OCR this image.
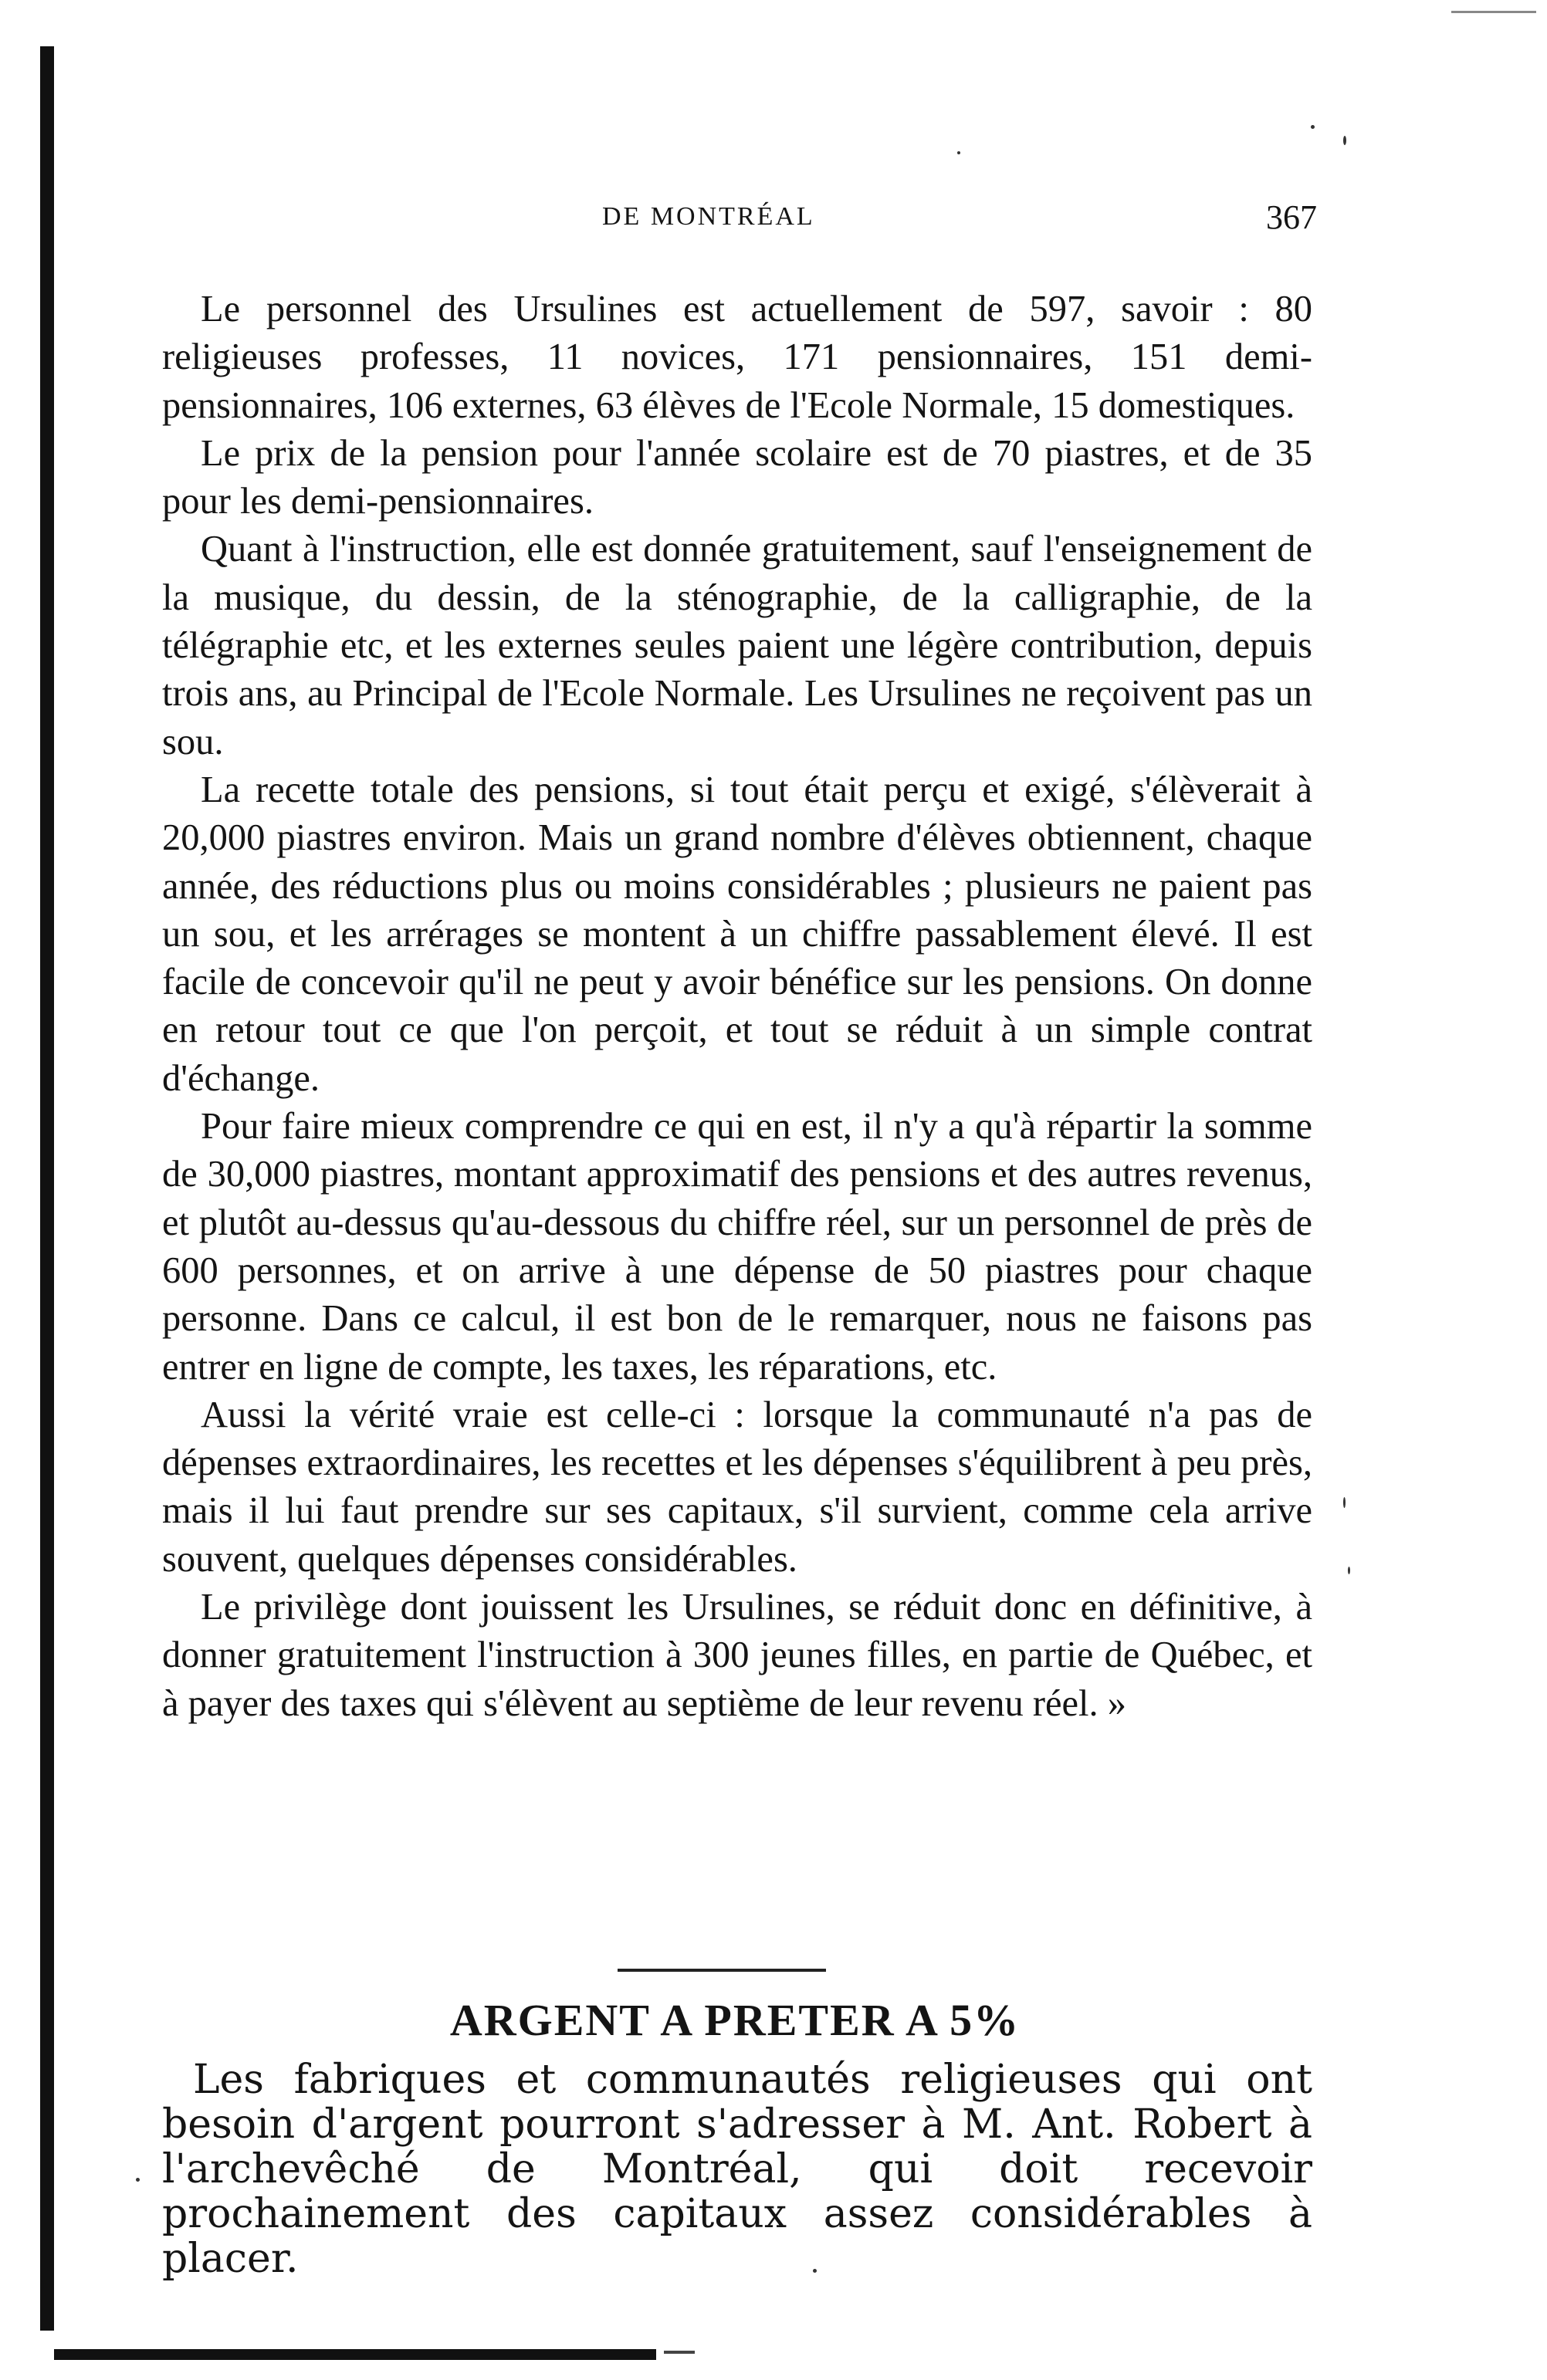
DE MONTRÉAL	367

Le personnel des Ursulines est actuellement de 597, savoir : 80 religieuses professes, 11 novices, 171 pensionnaires, 151 demi-pensionnaires, 106 externes, 63 élèves de l'Ecole Normale, 15 domestiques.

Le prix de la pension pour l'année scolaire est de 70 piastres, et de 35 pour les demi-pensionnaires.

Quant à l'instruction, elle est donnée gratuitement, sauf l'enseignement de la musique, du dessin, de la sténographie, de la calligraphie, de la télégraphie etc, et les externes seules paient une légère contribution, depuis trois ans, au Principal de l'Ecole Normale. Les Ursulines ne reçoivent pas un sou.

La recette totale des pensions, si tout était perçu et exigé, s'élèverait à 20,000 piastres environ. Mais un grand nombre d'élèves obtiennent, chaque année, des réductions plus ou moins considérables ; plusieurs ne paient pas un sou, et les arrérages se montent à un chiffre passablement élevé. Il est facile de concevoir qu'il ne peut y avoir bénéfice sur les pensions. On donne en retour tout ce que l'on perçoit, et tout se réduit à un simple contrat d'échange.

Pour faire mieux comprendre ce qui en est, il n'y a qu'à répartir la somme de 30,000 piastres, montant approximatif des pensions et des autres revenus, et plutôt au-dessus qu'au-dessous du chiffre réel, sur un personnel de près de 600 personnes, et on arrive à une dépense de 50 piastres pour chaque personne. Dans ce calcul, il est bon de le remarquer, nous ne faisons pas entrer en ligne de compte, les taxes, les réparations, etc.

Aussi la vérité vraie est celle-ci : lorsque la communauté n'a pas de dépenses extraordinaires, les recettes et les dépenses s'équilibrent à peu près, mais il lui faut prendre sur ses capitaux, s'il survient, comme cela arrive souvent, quelques dépenses considérables.

Le privilège dont jouissent les Ursulines, se réduit donc en définitive, à donner gratuitement l'instruction à 300 jeunes filles, en partie de Québec, et à payer des taxes qui s'élèvent au septième de leur revenu réel. »

ARGENT A PRETER A 5%

Les fabriques et communautés religieuses qui ont besoin d'argent pourront s'adresser à M. Ant. Robert à l'archevêché de Montréal, qui doit recevoir prochainement des capitaux assez considérables à placer.
